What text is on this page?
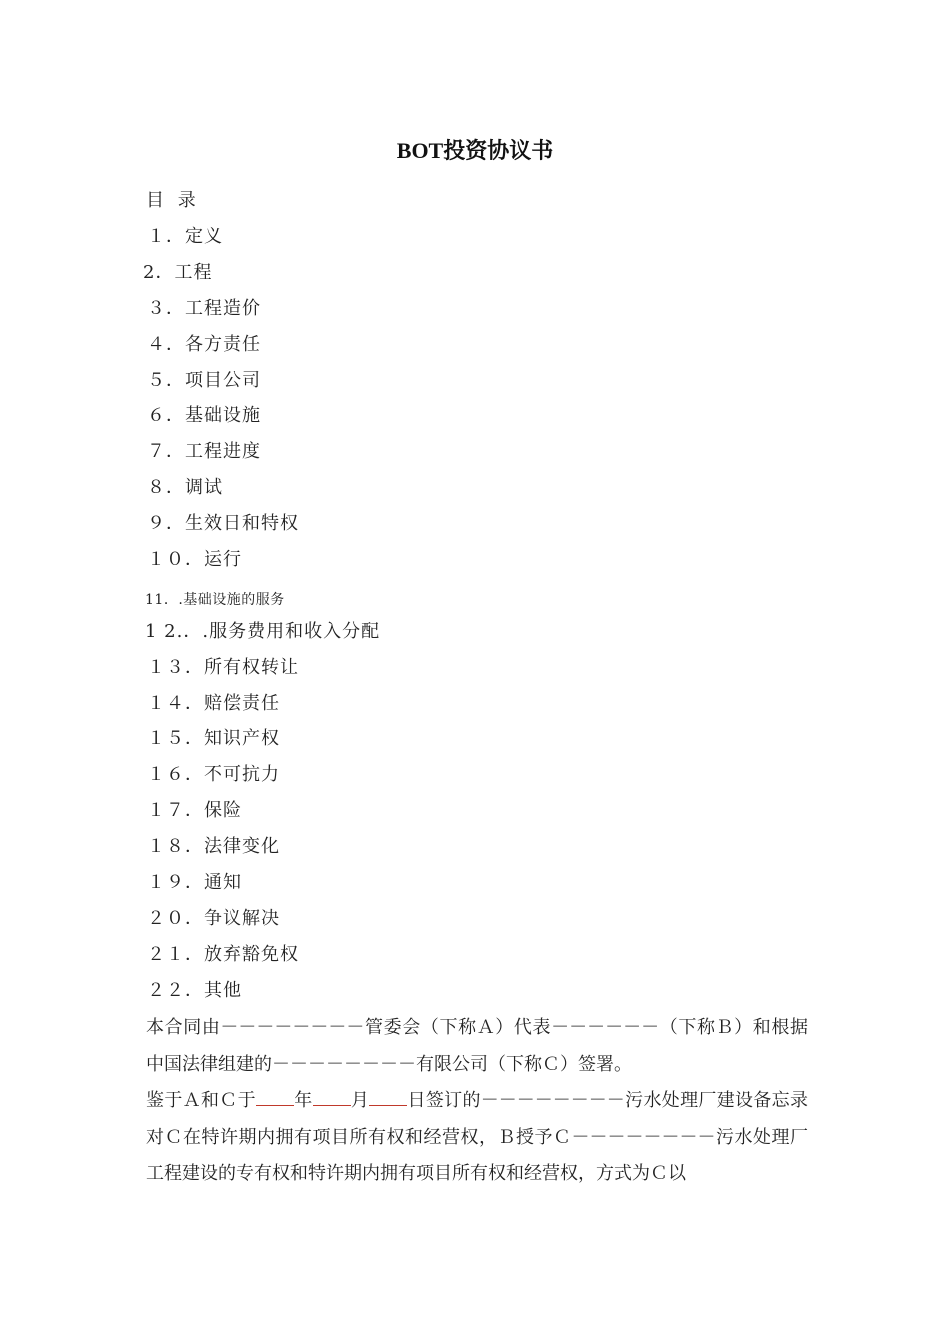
BOT投资协议书
目 录
１．定义
2．工程
３．工程造价
４．各方责任
５．项目公司
６．基础设施
７．工程进度
８．调试
９．生效日和特权
１０．运行
11．.基础设施的服务
1 2.．.服务费用和收入分配
１３．所有权转让
１４．赔偿责任
１５．知识产权
１６．不可抗力
１７．保险
１８．法律变化
１９．通知
２０．争议解决
２１．放弃豁免权
２２．其他

本合同由－－－－－－－－管委会（下称Ａ）代表－－－－－－（下称Ｂ）和根据中国法律组建的－－－－－－－－有限公司（下称Ｃ）签署。

鉴于Ａ和Ｃ于 年 月 日签订的－－－－－－－－污水处理厂建设备忘录对Ｃ在特许期内拥有项目所有权和经营权，Ｂ授予Ｃ－－－－－－－－污水处理厂工程建设的专有权和特许期内拥有项目所有权和经营权，方式为Ｃ以
